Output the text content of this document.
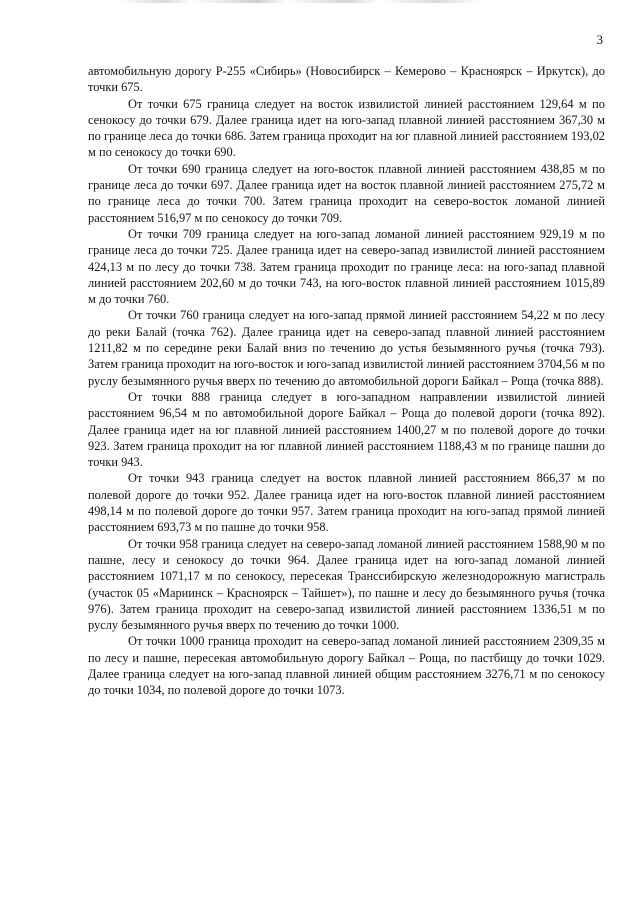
3

автомобильную дорогу Р-255 «Сибирь» (Новосибирск – Кемерово – Красноярск – Иркутск), до точки 675.

От точки 675 граница следует на восток извилистой линией расстоянием 129,64 м по сенокосу до точки 679. Далее граница идет на юго-запад плавной линией расстоянием 367,30 м по границе леса до точки 686. Затем граница проходит на юг плавной линией расстоянием 193,02 м по сенокосу до точки 690.

От точки 690 граница следует на юго-восток плавной линией расстоянием 438,85 м по границе леса до точки 697. Далее граница идет на восток плавной линией расстоянием 275,72 м по границе леса до точки 700. Затем граница проходит на северо-восток ломаной линией расстоянием 516,97 м по сенокосу до точки 709.

От точки 709 граница следует на юго-запад ломаной линией расстоянием 929,19 м по границе леса до точки 725. Далее граница идет на северо-запад извилистой линией расстоянием 424,13 м по лесу до точки 738. Затем граница проходит по границе леса: на юго-запад плавной линией расстоянием 202,60 м до точки 743, на юго-восток плавной линией расстоянием 1015,89 м до точки 760.

От точки 760 граница следует на юго-запад прямой линией расстоянием 54,22 м по лесу до реки Балай (точка 762). Далее граница идет на северо-запад плавной линией расстоянием 1211,82 м по середине реки Балай вниз по течению до устья безымянного ручья (точка 793). Затем граница проходит на юго-восток и юго-запад извилистой линией расстоянием 3704,56 м по руслу безымянного ручья вверх по течению до автомобильной дороги Байкал – Роща (точка 888).

От точки 888 граница следует в юго-западном направлении извилистой линией расстоянием 96,54 м по автомобильной дороге Байкал – Роща до полевой дороги (точка 892). Далее граница идет на юг плавной линией расстоянием 1400,27 м по полевой дороге до точки 923. Затем граница проходит на юг плавной линией расстоянием 1188,43 м по границе пашни до точки 943.

От точки 943 граница следует на восток плавной линией расстоянием 866,37 м по полевой дороге до точки 952. Далее граница идет на юго-восток плавной линией расстоянием 498,14 м по полевой дороге до точки 957. Затем граница проходит на юго-запад прямой линией расстоянием 693,73 м по пашне до точки 958.

От точки 958 граница следует на северо-запад ломаной линией расстоянием 1588,90 м по пашне, лесу и сенокосу до точки 964. Далее граница идет на юго-запад ломаной линией расстоянием 1071,17 м по сенокосу, пересекая Транссибирскую железнодорожную магистраль (участок 05 «Мариинск – Красноярск – Тайшет»), по пашне и лесу до безымянного ручья (точка 976). Затем граница проходит на северо-запад извилистой линией расстоянием 1336,51 м по руслу безымянного ручья вверх по течению до точки 1000.

От точки 1000 граница проходит на северо-запад ломаной линией расстоянием 2309,35 м по лесу и пашне, пересекая автомобильную дорогу Байкал – Роща, по пастбищу до точки 1029. Далее граница следует на юго-запад плавной линией общим расстоянием 3276,71 м по сенокосу до точки 1034, по полевой дороге до точки 1073.
